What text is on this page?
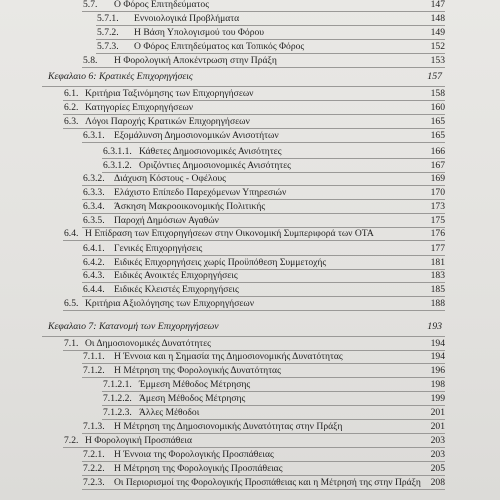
5.7. Ο Φόρος Επιτηδεύματος	147
5.7.1. Εννοιολογικά Προβλήματα	148
5.7.2. Η Βάση Υπολογισμού του Φόρου	149
5.7.3. Ο Φόρος Επιτηδεύματος και Τοπικός Φόρος	152
5.8. Η Φορολογική Αποκέντρωση στην Πράξη	153
Κεφαλαιο 6: Κρατικές Επιχορηγήσεις	157
6.1. Κριτήρια Ταξινόμησης των Επιχορηγήσεων	158
6.2. Κατηγορίες Επιχορηγήσεων	160
6.3. Λόγοι Παροχής Κρατικών Επιχορηγήσεων	165
6.3.1. Εξομάλυνση Δημοσιονομικών Ανισοτήτων	165
6.3.1.1. Κάθετες Δημοσιονομικές Ανισότητες	166
6.3.1.2. Οριζόντιες Δημοσιονομικές Ανισότητες	167
6.3.2. Διάχυση Κόστους - Οφέλους	169
6.3.3. Ελάχιστο Επίπεδο Παρεχόμενων Υπηρεσιών	170
6.3.4. Άσκηση Μακροοικονομικής Πολιτικής	173
6.3.5. Παροχή Δημόσιων Αγαθών	175
6.4. Η Επίδραση των Επιχορηγήσεων στην Οικονομική Συμπεριφορά των ΟΤΑ	176
6.4.1. Γενικές Επιχορηγήσεις	177
6.4.2. Ειδικές Επιχορηγήσεις χωρίς Προϋπόθεση Συμμετοχής	181
6.4.3. Ειδικές Ανοικτές Επιχορηγήσεις	183
6.4.4. Ειδικές Κλειστές Επιχορηγήσεις	185
6.5. Κριτήρια Αξιολόγησης των Επιχορηγήσεων	188
Κεφαλαιο 7: Κατανομή των Επιχορηγήσεων	193
7.1. Οι Δημοσιονομικές Δυνατότητες	194
7.1.1. Η Έννοια και η Σημασία της Δημοσιονομικής Δυνατότητας	194
7.1.2. Η Μέτρηση της Φορολογικής Δυνατότητας	196
7.1.2.1. Έμμεση Μέθοδος Μέτρησης	198
7.1.2.2. Άμεση Μέθοδος Μέτρησης	199
7.1.2.3. Άλλες Μέθοδοι	201
7.1.3. Η Μέτρηση της Δημοσιονομικής Δυνατότητας στην Πράξη	201
7.2. Η Φορολογική Προσπάθεια	203
7.2.1. Η Έννοια της Φορολογικής Προσπάθειας	203
7.2.2. Η Μέτρηση της Φορολογικής Προσπάθειας	205
7.2.3. Οι Περιορισμοί της Φορολογικής Προσπάθειας και η Μέτρησή της στην Πράξη 208
